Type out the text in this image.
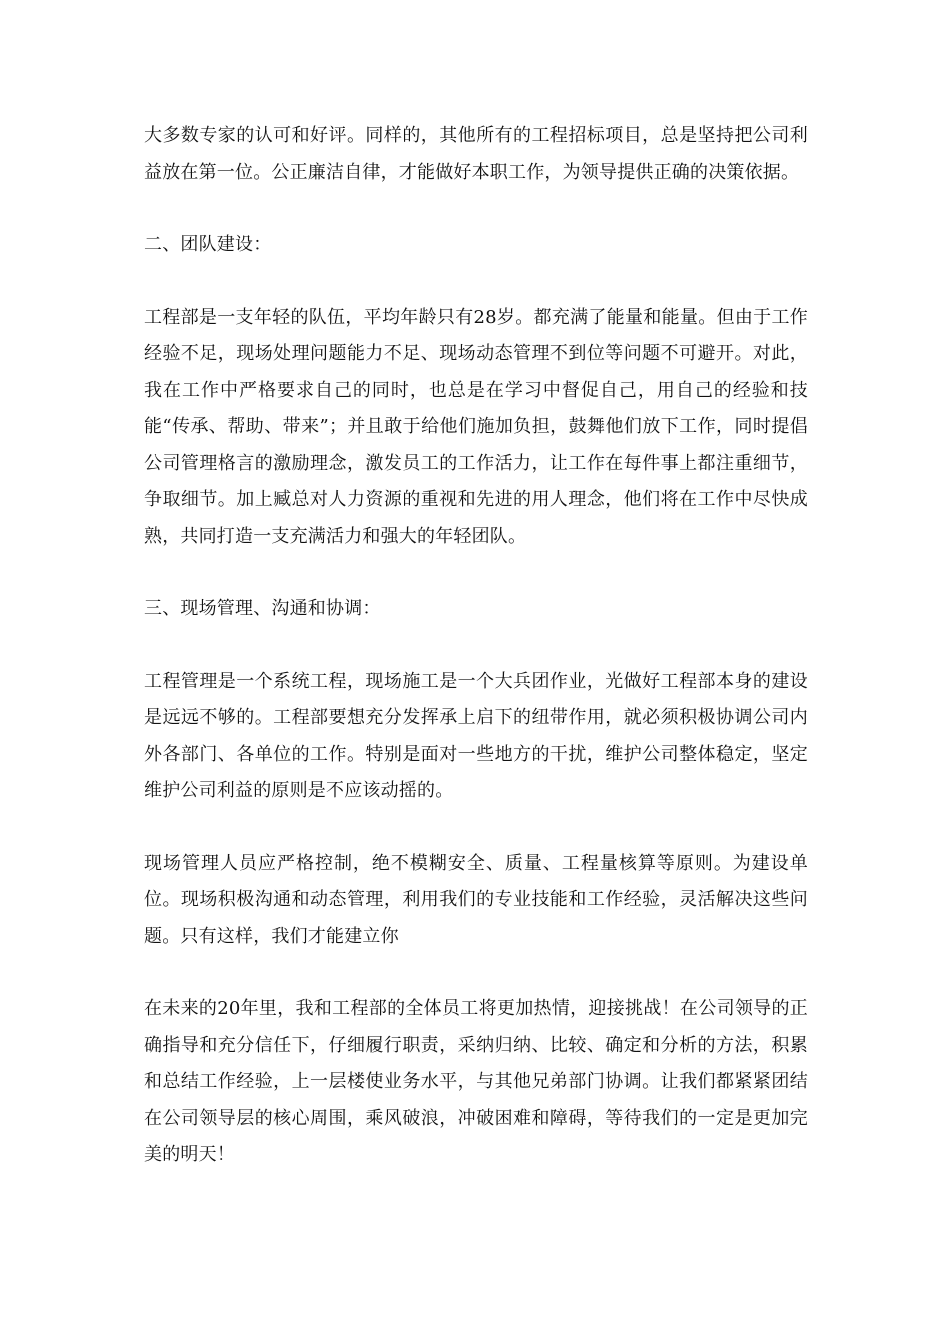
大多数专家的认可和好评。同样的，其他所有的工程招标项目，总是坚持把公司利益放在第一位。公正廉洁自律，才能做好本职工作，为领导提供正确的决策依据。

二、团队建设：

工程部是一支年轻的队伍，平均年龄只有28岁。都充满了能量和能量。但由于工作经验不足，现场处理问题能力不足、现场动态管理不到位等问题不可避开。对此，我在工作中严格要求自己的同时，也总是在学习中督促自己，用自己的经验和技能“传承、帮助、带来”；并且敢于给他们施加负担，鼓舞他们放下工作，同时提倡公司管理格言的激励理念，激发员工的工作活力，让工作在每件事上都注重细节，争取细节。加上臧总对人力资源的重视和先进的用人理念，他们将在工作中尽快成熟，共同打造一支充满活力和强大的年轻团队。

三、现场管理、沟通和协调：

工程管理是一个系统工程，现场施工是一个大兵团作业，光做好工程部本身的建设是远远不够的。工程部要想充分发挥承上启下的纽带作用，就必须积极协调公司内外各部门、各单位的工作。特别是面对一些地方的干扰，维护公司整体稳定，坚定维护公司利益的原则是不应该动摇的。

现场管理人员应严格控制，绝不模糊安全、质量、工程量核算等原则。为建设单位。现场积极沟通和动态管理，利用我们的专业技能和工作经验，灵活解决这些问题。只有这样，我们才能建立你

在未来的20年里，我和工程部的全体员工将更加热情，迎接挑战！在公司领导的正确指导和充分信任下，仔细履行职责，采纳归纳、比较、确定和分析的方法，积累和总结工作经验，上一层楼使业务水平，与其他兄弟部门协调。让我们都紧紧团结在公司领导层的核心周围，乘风破浪，冲破困难和障碍，等待我们的一定是更加完美的明天！
